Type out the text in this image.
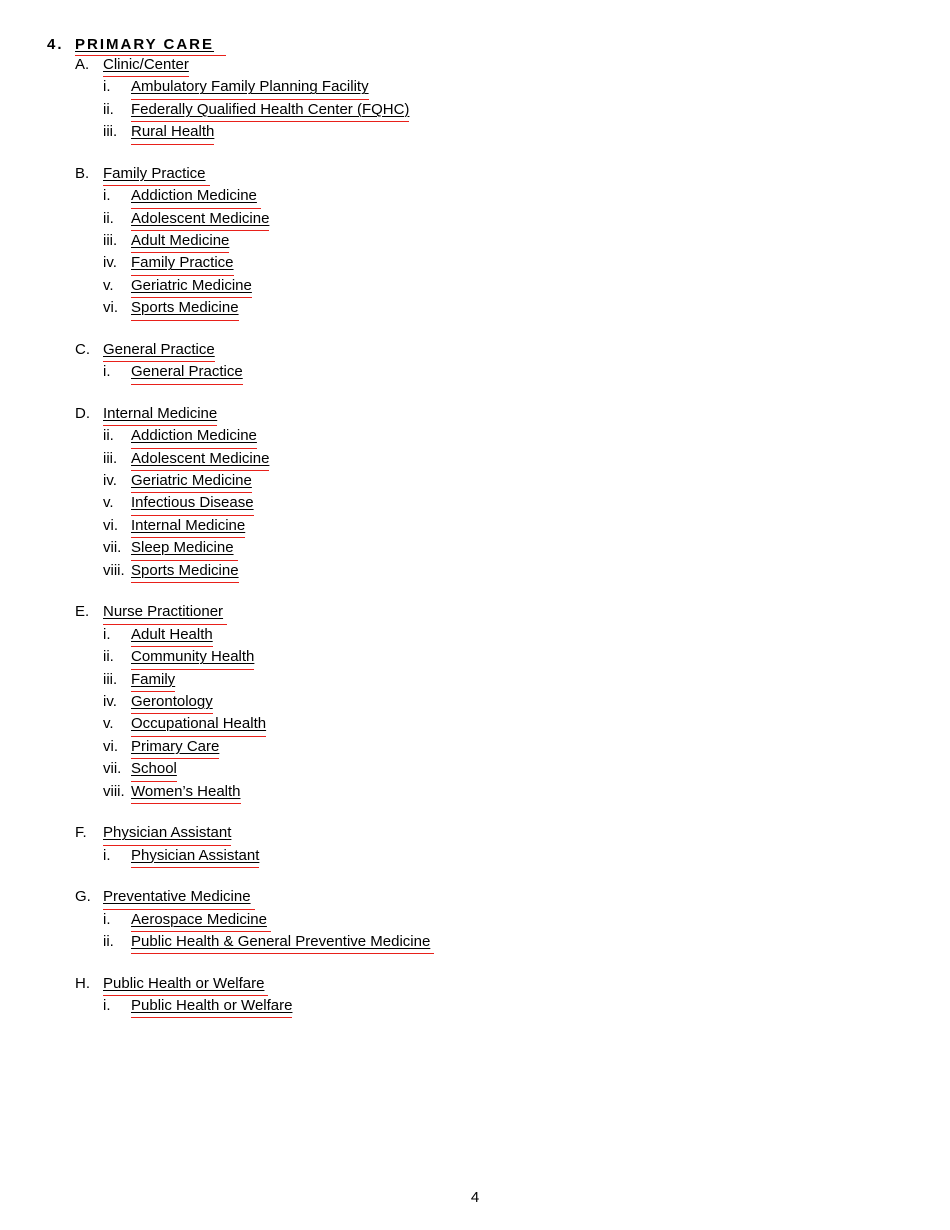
4. PRIMARY CARE
A. Clinic/Center
i.	Ambulatory Family Planning Facility
ii.	Federally Qualified Health Center (FQHC)
iii. Rural Health
B. Family Practice
i.	Addiction Medicine
ii.	Adolescent Medicine
iii. Adult Medicine
iv. Family Practice
v.	Geriatric Medicine
vi. Sports Medicine
C. General Practice
i.	General Practice
D. Internal Medicine
ii.	Addiction Medicine
iii. Adolescent Medicine
iv. Geriatric Medicine
v.	Infectious Disease
vi. Internal Medicine
vii. Sleep Medicine
viii. Sports Medicine
E. Nurse Practitioner
i.	Adult Health
ii.	Community Health
iii. Family
iv. Gerontology
v.	Occupational Health
vi. Primary Care
vii. School
viii. Women’s Health
F.	Physician Assistant
i.	Physician Assistant
G. Preventative Medicine
i.	Aerospace Medicine
ii.	Public Health & General Preventive Medicine
H. Public Health or Welfare
i.	Public Health or Welfare
4
